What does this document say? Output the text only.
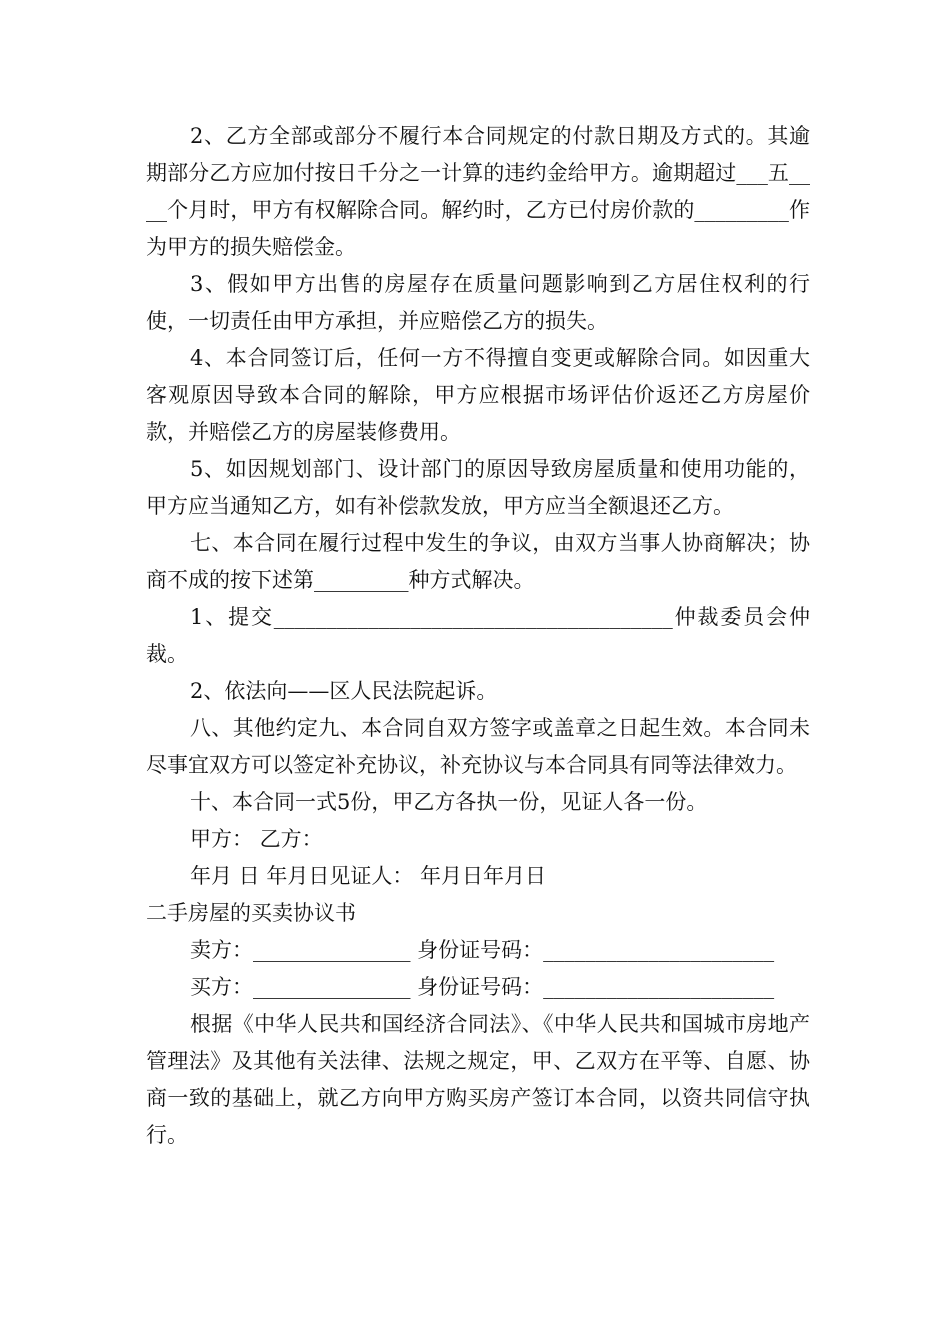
2、乙方全部或部分不履行本合同规定的付款日期及方式的。其逾期部分乙方应加付按日千分之一计算的违约金给甲方。逾期超过___五____个月时，甲方有权解除合同。解约时，乙方已付房价款的_________作为甲方的损失赔偿金。

3、假如甲方出售的房屋存在质量问题影响到乙方居住权利的行使，一切责任由甲方承担，并应赔偿乙方的损失。

4、本合同签订后，任何一方不得擅自变更或解除合同。如因重大客观原因导致本合同的解除，甲方应根据市场评估价返还乙方房屋价款，并赔偿乙方的房屋装修费用。

5、如因规划部门、设计部门的原因导致房屋质量和使用功能的，甲方应当通知乙方，如有补偿款发放，甲方应当全额退还乙方。

七、本合同在履行过程中发生的争议，由双方当事人协商解决；协商不成的按下述第_________种方式解决。

1、提交______________________________________仲裁委员会仲裁。

2、依法向——区人民法院起诉。

八、其他约定九、本合同自双方签字或盖章之日起生效。本合同未尽事宜双方可以签定补充协议，补充协议与本合同具有同等法律效力。

十、本合同一式5份，甲乙方各执一份，见证人各一份。

甲方： 乙方：

年月 日 年月日见证人： 年月日年月日

二手房屋的买卖协议书

卖方：_______________ 身份证号码：______________________

买方：_______________ 身份证号码：______________________

根据《中华人民共和国经济合同法》、《中华人民共和国城市房地产管理法》及其他有关法律、法规之规定，甲、乙双方在平等、自愿、协商一致的基础上，就乙方向甲方购买房产签订本合同，以资共同信守执行。
